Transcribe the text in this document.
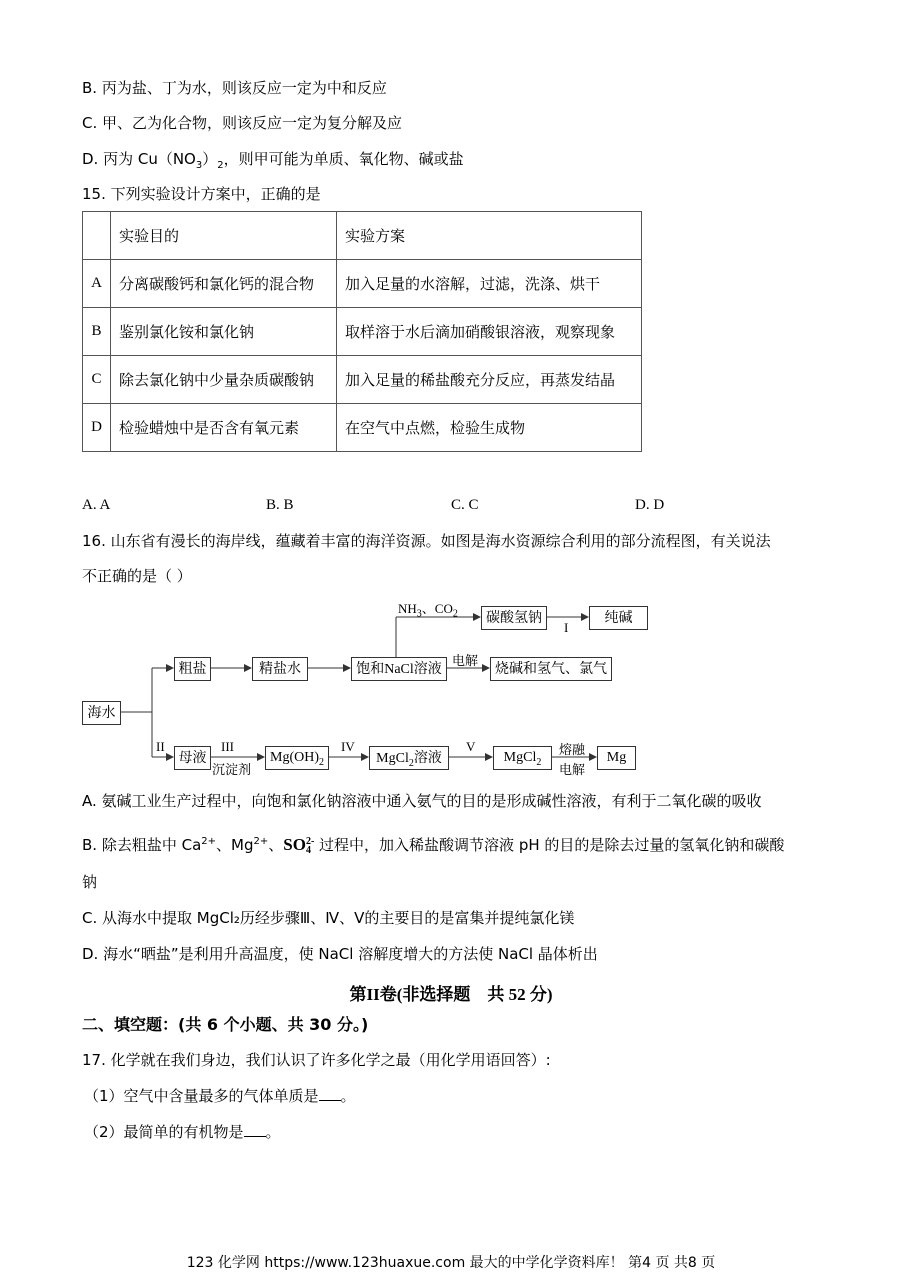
B. 丙为盐、丁为水，则该反应一定为中和反应
C. 甲、乙为化合物，则该反应一定为复分解及应
D. 丙为 $Cu(NO_3)_2$，则甲可能为单质、氧化物、碱或盐
15. 下列实验设计方案中，正确的是
	实验目的	实验方案
A	分离碳酸钙和氯化钙的混合物	加入足量的水溶解，过滤，洗涤、烘干
B	鉴别氯化铵和氯化钠	取样溶于水后滴加硝酸银溶液，观察现象
C	除去氯化钠中少量杂质碳酸钠	加入足量的稀盐酸充分反应，再蒸发结晶
D	检验蜡烛中是否含有氧元素	在空气中点燃，检验生成物
A. A	B. B	C. C	D. D
16. 山东省有漫长的海岸线，蕴藏着丰富的海洋资源。如图是海水资源综合利用的部分流程图，有关说法
不正确的是（ ）
海水
粗盐	精盐水	饱和NaCl溶液
碳酸氢钠	纯碱
烧碱和氢气、氯气
母液	$Mg(OH)_2$	MgCl$_2$溶液	MgCl$_2$	Mg
$NH_3$、$CO_2$
I
电解
II	III
沉淀剂
IV	V	熔融
电解
A. 氨碱工业生产过程中，向饱和氯化钠溶液中通入氨气的目的是形成碱性溶液，有利于二氧化碳的吸收
B. 除去粗盐中 $Ca^{2+}$、$Mg^{2+}$、SO 2-
4 过程中，加入稀盐酸调节溶液 pH 的目的是除去过量的氢氧化钠和碳酸
钠
C. 从海水中提取 MgCl₂历经步骤Ⅲ、Ⅳ、Ⅴ的主要目的是富集并提纯氯化镁
D. 海水“晒盐”是利用升高温度，使 NaCl 溶解度增大的方法使 NaCl 晶体析出
第II卷(非选择题　共 52 分)
二、填空题：(共 6 个小题、共 30 分。)
17. 化学就在我们身边，我们认识了许多化学之最（用化学用语回答）:
（1）空气中含量最多的气体单质是 。
（2）最简单的有机物是 。
123 化学网 https://www.123huaxue.com 最大的中学化学资料库！ 第4 页 共8 页
